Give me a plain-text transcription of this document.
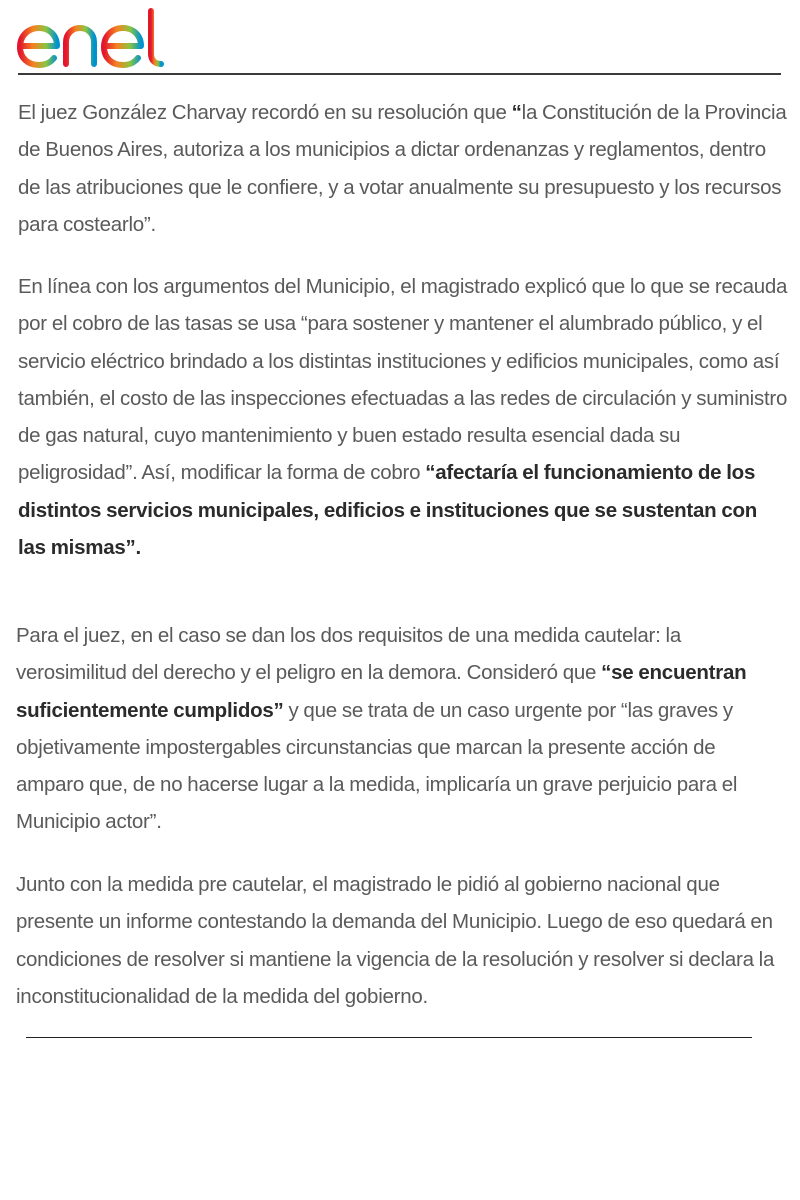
El juez González Charvay recordó en su resolución que “la Constitución de la Provincia de Buenos Aires, autoriza a los municipios a dictar ordenanzas y reglamentos, dentro de las atribuciones que le confiere, y a votar anualmente su presupuesto y los recursos para costearlo”.

En línea con los argumentos del Municipio, el magistrado explicó que lo que se recauda por el cobro de las tasas se usa “para sostener y mantener el alumbrado público, y el servicio eléctrico brindado a los distintas instituciones y edificios municipales, como así también, el costo de las inspecciones efectuadas a las redes de circulación y suministro de gas natural, cuyo mantenimiento y buen estado resulta esencial dada su peligrosidad”. Así, modificar la forma de cobro “afectaría el funcionamiento de los distintos servicios municipales, edificios e instituciones que se sustentan con las mismas”.

Para el juez, en el caso se dan los dos requisitos de una medida cautelar: la verosimilitud del derecho y el peligro en la demora. Consideró que “se encuentran suficientemente cumplidos” y que se trata de un caso urgente por “las graves y objetivamente impostergables circunstancias que marcan la presente acción de amparo que, de no hacerse lugar a la medida, implicaría un grave perjuicio para el Municipio actor”.

Junto con la medida pre cautelar, el magistrado le pidió al gobierno nacional que presente un informe contestando la demanda del Municipio. Luego de eso quedará en condiciones de resolver si mantiene la vigencia de la resolución y resolver si declara la inconstitucionalidad de la medida del gobierno.
